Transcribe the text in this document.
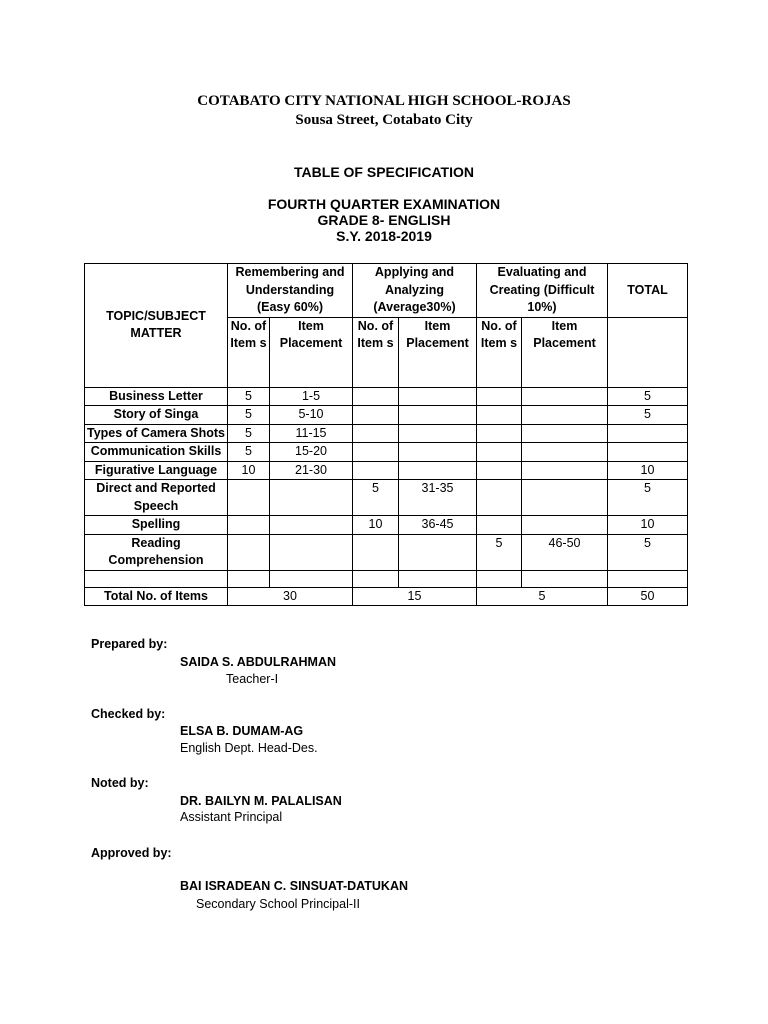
COTABATO CITY NATIONAL HIGH SCHOOL-ROJAS
Sousa Street, Cotabato City
TABLE OF SPECIFICATION
FOURTH QUARTER EXAMINATION
GRADE 8- ENGLISH
S.Y. 2018-2019
TOPIC/SUBJECT MATTER	Remembering and Understanding (Easy 60%)		Applying and Analyzing (Average30%)		Evaluating and Creating (Difficult 10%)		TOTAL
	No. of Item s	Item Placement	No. of Item s	Item Placement	No. of Item s	Item Placement	
Business Letter	5	1-5					5
Story of Singa	5	5-10					5
Types of Camera Shots	5	11-15					
Communication Skills	5	15-20					
Figurative Language	10	21-30					10
Direct and Reported Speech			5	31-35			5
Spelling			10	36-45			10
Reading Comprehension					5	46-50	5

Total No. of Items	30		15		5		50
Prepared by:
SAIDA S. ABDULRAHMAN
Teacher-I
Checked by:
ELSA B. DUMAM-AG
English Dept. Head-Des.
Noted by:
DR. BAILYN M. PALALISAN
Assistant Principal
Approved by:
BAI ISRADEAN C. SINSUAT-DATUKAN
Secondary School Principal-II
